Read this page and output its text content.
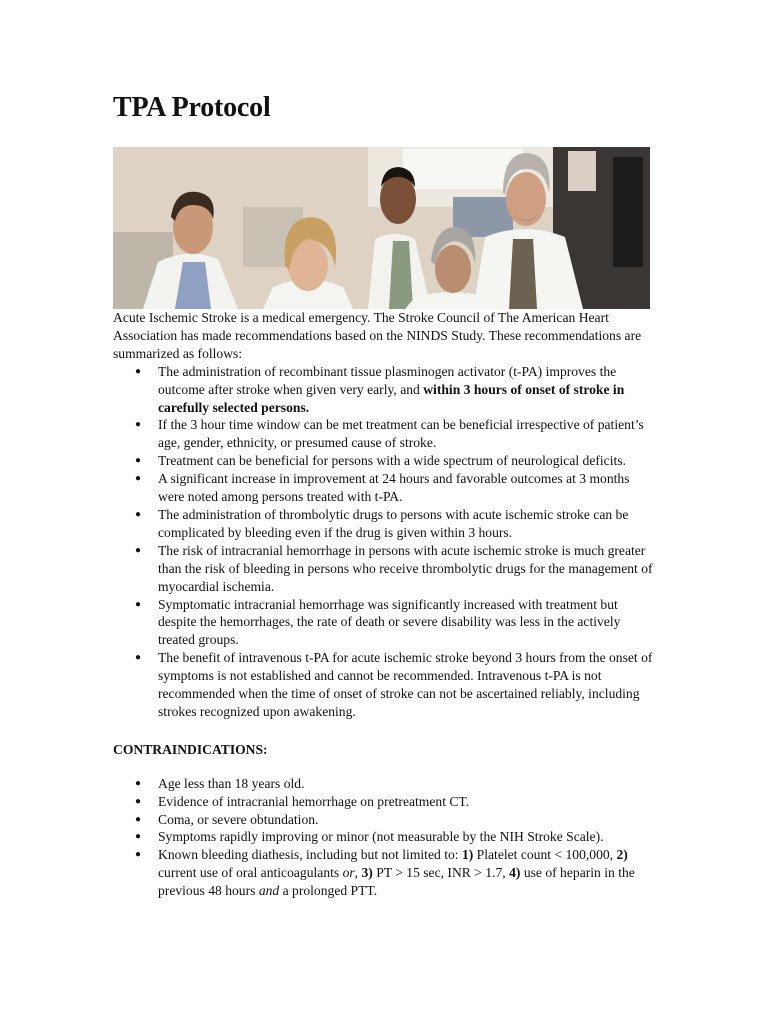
TPA Protocol

Acute Ischemic Stroke is a medical emergency. The Stroke Council of The American Heart Association has made recommendations based on the NINDS Study. These recommendations are summarized as follows:

● The administration of recombinant tissue plasminogen activator (t-PA) improves the outcome after stroke when given very early, and within 3 hours of onset of stroke in carefully selected persons.
● If the 3 hour time window can be met treatment can be beneficial irrespective of patient’s age, gender, ethnicity, or presumed cause of stroke.
● Treatment can be beneficial for persons with a wide spectrum of neurological deficits.
● A significant increase in improvement at 24 hours and favorable outcomes at 3 months were noted among persons treated with t-PA.
● The administration of thrombolytic drugs to persons with acute ischemic stroke can be complicated by bleeding even if the drug is given within 3 hours.
● The risk of intracranial hemorrhage in persons with acute ischemic stroke is much greater than the risk of bleeding in persons who receive thrombolytic drugs for the management of myocardial ischemia.
● Symptomatic intracranial hemorrhage was significantly increased with treatment but despite the hemorrhages, the rate of death or severe disability was less in the actively treated groups.
● The benefit of intravenous t-PA for acute ischemic stroke beyond 3 hours from the onset of symptoms is not established and cannot be recommended. Intravenous t-PA is not recommended when the time of onset of stroke can not be ascertained reliably, including strokes recognized upon awakening.
CONTRAINDICATIONS:
● Age less than 18 years old.
● Evidence of intracranial hemorrhage on pretreatment CT.
● Coma, or severe obtundation.
● Symptoms rapidly improving or minor (not measurable by the NIH Stroke Scale).
● Known bleeding diathesis, including but not limited to: 1) Platelet count < 100,000, 2) current use of oral anticoagulants or, 3) PT > 15 sec, INR > 1.7, 4) use of heparin in the previous 48 hours and a prolonged PTT.
